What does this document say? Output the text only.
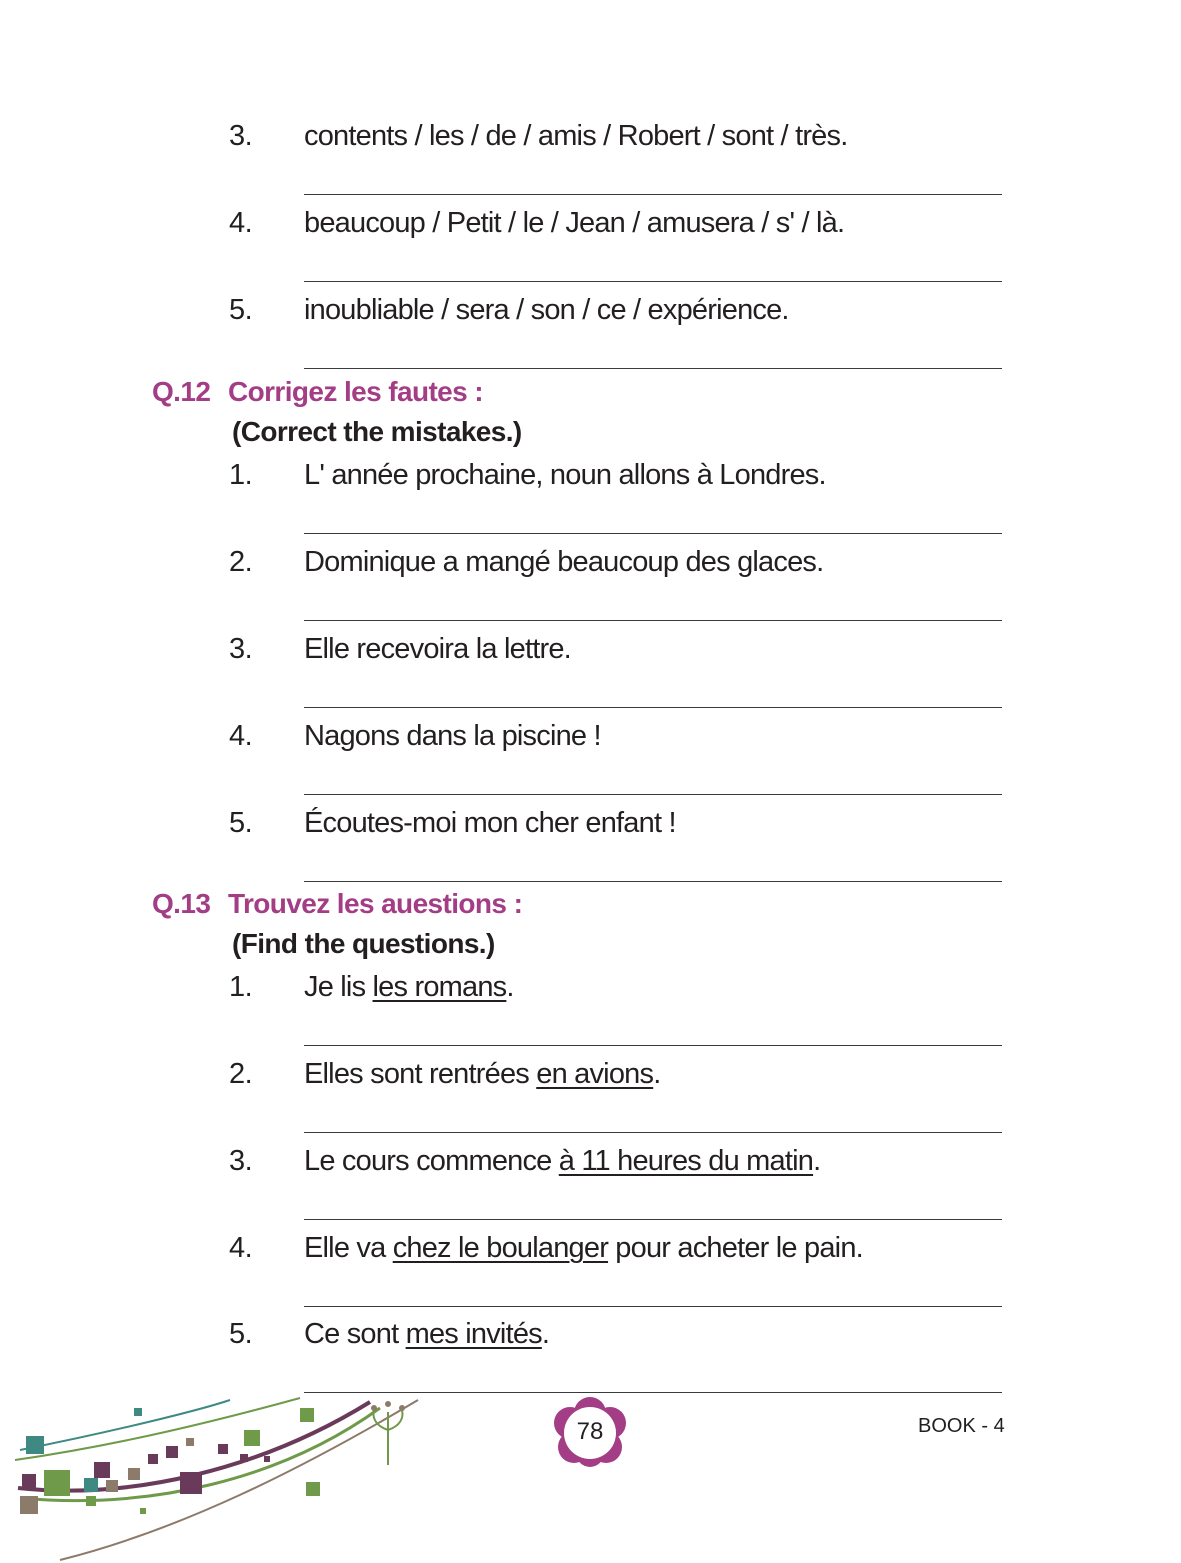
3. contents / les / de / amis / Robert / sont / très.
4. beaucoup / Petit / le / Jean / amusera / s' / là.
5. inoubliable / sera / son / ce / expérience.
Q.12 Corrigez les fautes :
(Correct the mistakes.)
1. L' année prochaine, noun allons à Londres.
2. Dominique a mangé beaucoup des glaces.
3. Elle recevoira la lettre.
4. Nagons dans la piscine !
5. Écoutes-moi mon cher enfant !
Q.13 Trouvez les auestions :
(Find the questions.)
1. Je lis les romans.
2. Elles sont rentrées en avions.
3. Le cours commence à 11 heures du matin.
4. Elle va chez le boulanger pour acheter le pain.
5. Ce sont mes invités.
78	BOOK - 4
